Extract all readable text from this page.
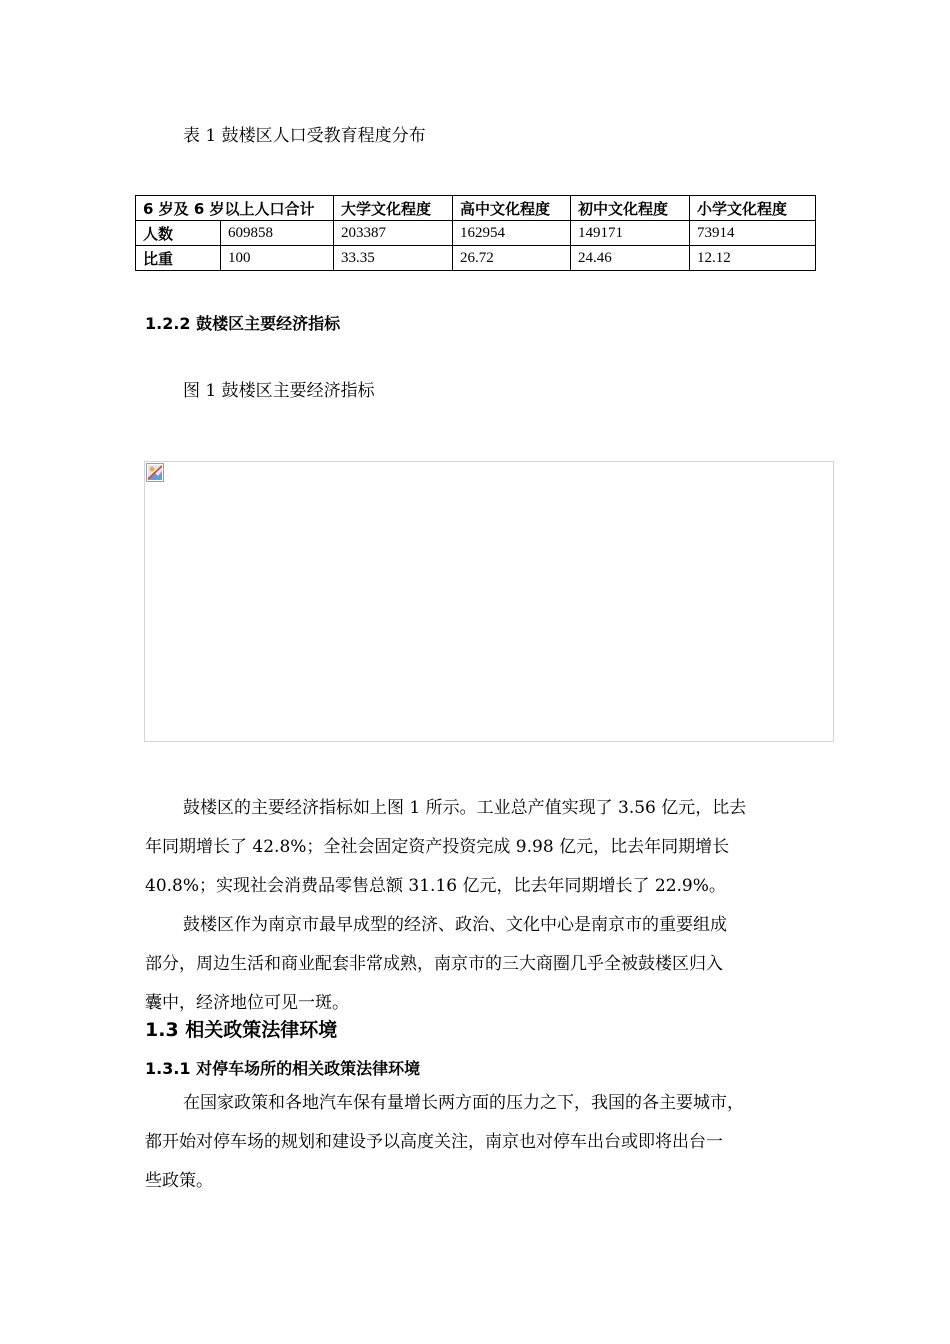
表 1 鼓楼区人口受教育程度分布
6 岁及 6 岁以上人口合计		大学文化程度	高中文化程度	初中文化程度	小学文化程度
人数	609858	203387	162954	149171	73914
比重	100	33.35	26.72	24.46	12.12
1.2.2 鼓楼区主要经济指标
图 1 鼓楼区主要经济指标
鼓楼区的主要经济指标如上图 1 所示。工业总产值实现了 3.56 亿元，比去
年同期增长了 42.8%；全社会固定资产投资完成 9.98 亿元，比去年同期增长
40.8%；实现社会消费品零售总额 31.16 亿元，比去年同期增长了 22.9%。
鼓楼区作为南京市最早成型的经济、政治、文化中心是南京市的重要组成
部分，周边生活和商业配套非常成熟，南京市的三大商圈几乎全被鼓楼区归入
囊中，经济地位可见一斑。
1.3 相关政策法律环境
1.3.1 对停车场所的相关政策法律环境
在国家政策和各地汽车保有量增长两方面的压力之下，我国的各主要城市，
都开始对停车场的规划和建设予以高度关注，南京也对停车出台或即将出台一
些政策。
